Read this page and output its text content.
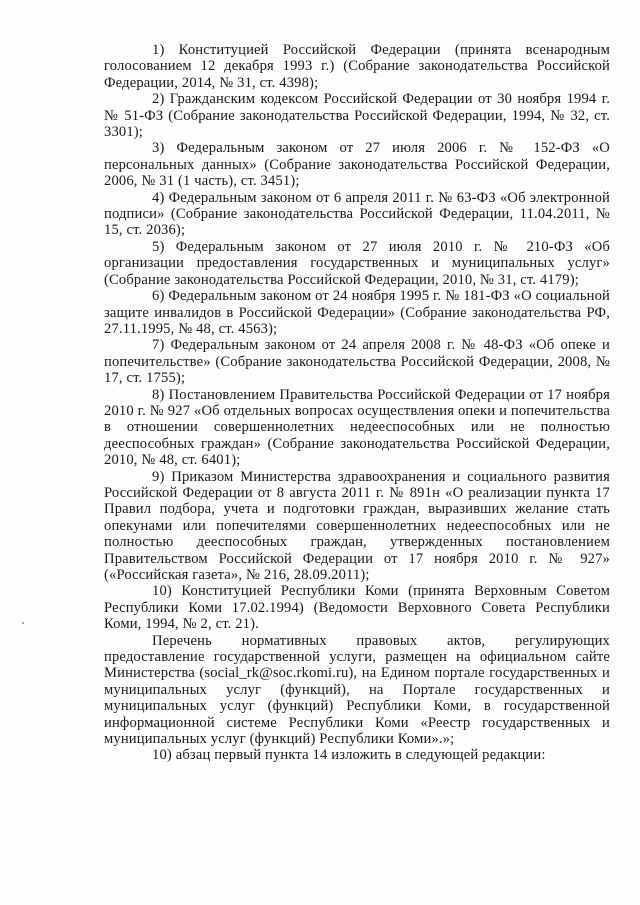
1) Конституцией Российской Федерации (принята всенародным голосованием 12 декабря 1993 г.) (Собрание законодательства Российской Федерации, 2014, № 31, ст. 4398);

2) Гражданским кодексом Российской Федерации от 30 ноября 1994 г. № 51-ФЗ (Собрание законодательства Российской Федерации, 1994, № 32, ст. 3301);

3) Федеральным законом от 27 июля 2006 г. № 152-ФЗ «О персональных данных» (Собрание законодательства Российской Федерации, 2006, № 31 (1 часть), ст. 3451);

4) Федеральным законом от 6 апреля 2011 г. № 63-ФЗ «Об электронной подписи» (Собрание законодательства Российской Федерации, 11.04.2011, № 15, ст. 2036);

5) Федеральным законом от 27 июля 2010 г. № 210-ФЗ «Об организации предоставления государственных и муниципальных услуг» (Собрание законодательства Российской Федерации, 2010, № 31, ст. 4179);

6) Федеральным законом от 24 ноября 1995 г. № 181-ФЗ «О социальной защите инвалидов в Российской Федерации» (Собрание законодательства РФ, 27.11.1995, № 48, ст. 4563);

7) Федеральным законом от 24 апреля 2008 г. № 48-ФЗ «Об опеке и попечительстве» (Собрание законодательства Российской Федерации, 2008, № 17, ст. 1755);

8) Постановлением Правительства Российской Федерации от 17 ноября 2010 г. № 927 «Об отдельных вопросах осуществления опеки и попечительства в отношении совершеннолетних недееспособных или не полностью дееспособных граждан» (Собрание законодательства Российской Федерации, 2010, № 48, ст. 6401);

9) Приказом Министерства здравоохранения и социального развития Российской Федерации от 8 августа 2011 г. № 891н «О реализации пункта 17 Правил подбора, учета и подготовки граждан, выразивших желание стать опекунами или попечителями совершеннолетних недееспособных или не полностью дееспособных граждан, утвержденных постановлением Правительством Российской Федерации от 17 ноября 2010 г. № 927» («Российская газета», № 216, 28.09.2011);

10) Конституцией Республики Коми (принята Верховным Советом Республики Коми 17.02.1994) (Ведомости Верховного Совета Республики Коми, 1994, № 2, ст. 21).

Перечень нормативных правовых актов, регулирующих предоставление государственной услуги, размещен на официальном сайте Министерства (social_rk@soc.rkomi.ru), на Едином портале государственных и муниципальных услуг (функций), на Портале государственных и муниципальных услуг (функций) Республики Коми, в государственной информационной системе Республики Коми «Реестр государственных и муниципальных услуг (функций) Республики Коми».»;

10) абзац первый пункта 14 изложить в следующей редакции:
